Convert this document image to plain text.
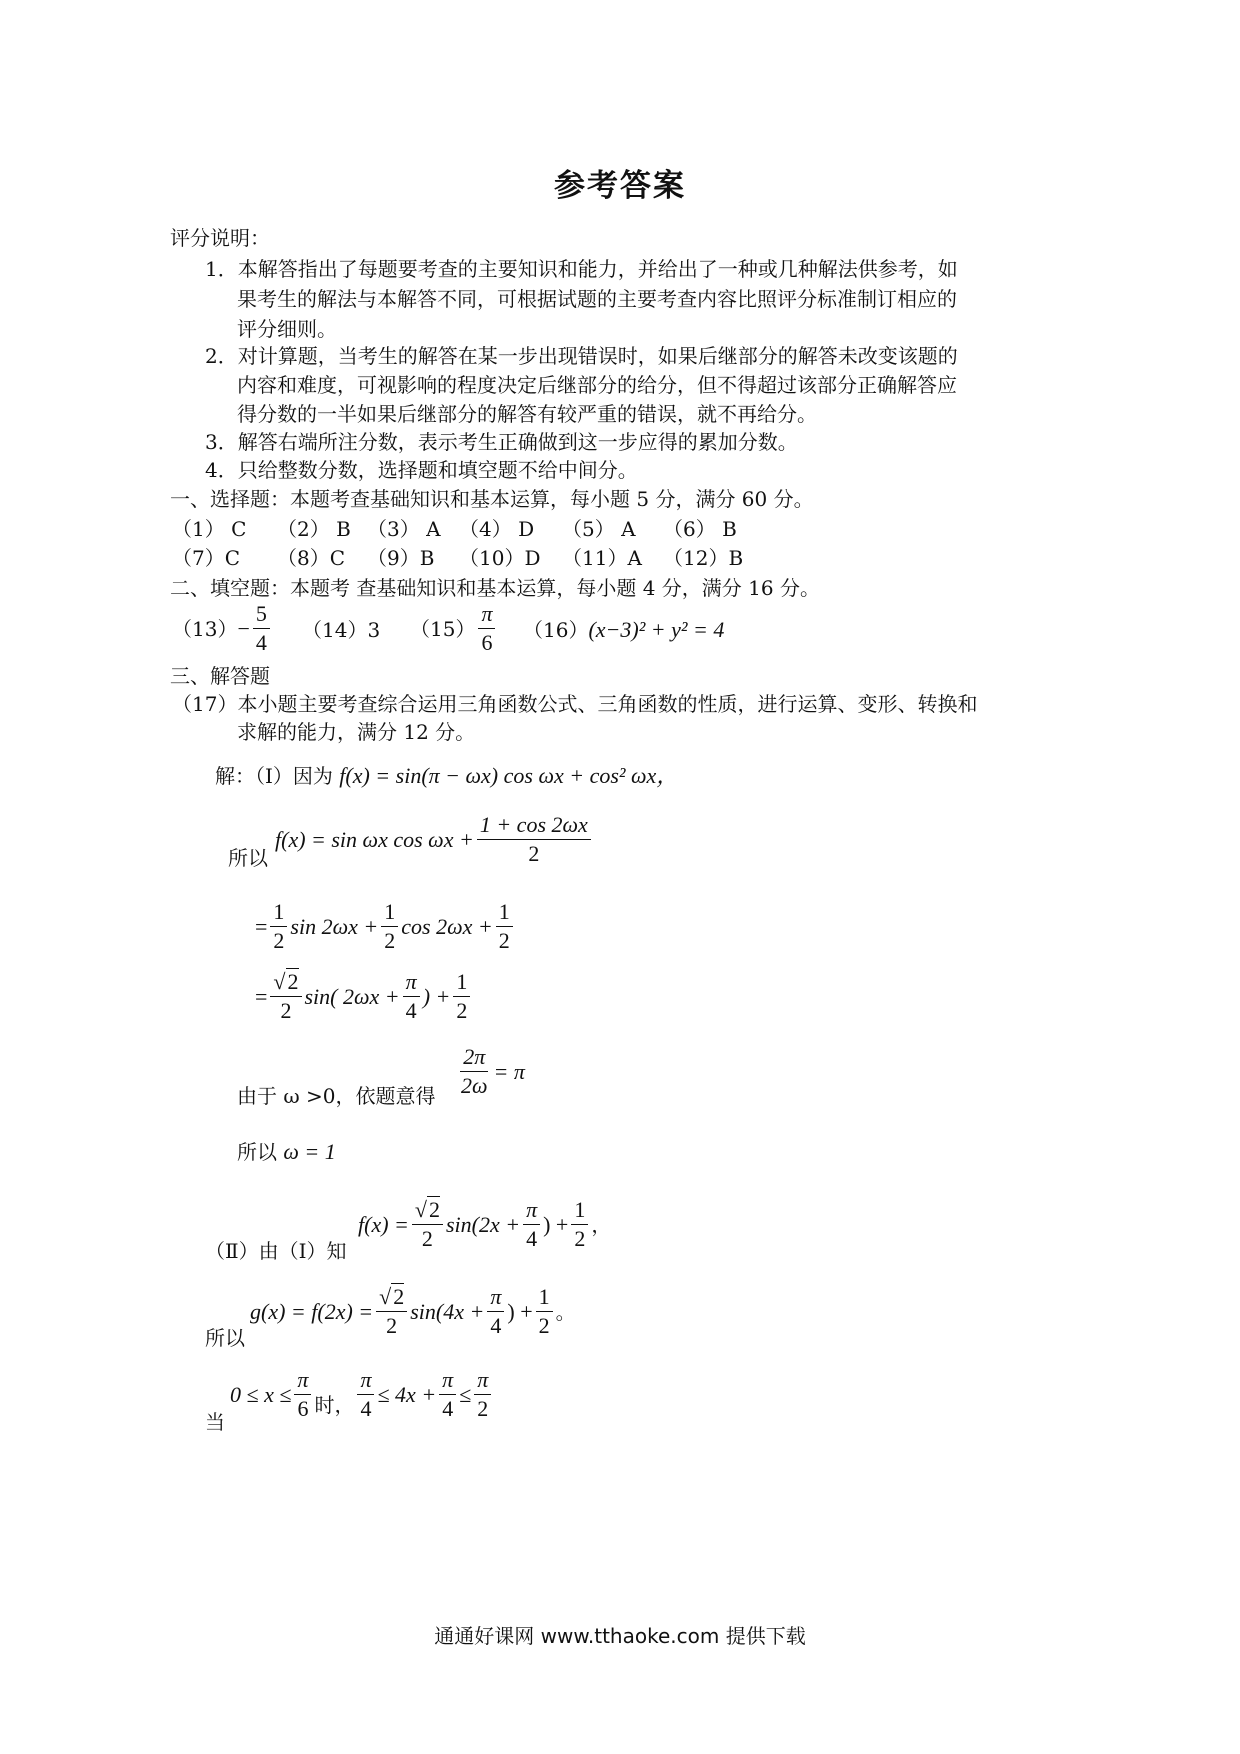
参考答案
评分说明：
1．本解答指出了每题要考查的主要知识和能力，并给出了一种或几种解法供参考，如
果考生的解法与本解答不同，可根据试题的主要考查内容比照评分标准制订相应的
评分细则。
2．对计算题，当考生的解答在某一步出现错误时，如果后继部分的解答未改变该题的
内容和难度，可视影响的程度决定后继部分的给分，但不得超过该部分正确解答应
得分数的一半如果后继部分的解答有较严重的错误，就不再给分。
3．解答右端所注分数，表示考生正确做到这一步应得的累加分数。
4．只给整数分数，选择题和填空题不给中间分。
一、选择题：本题考查基础知识和基本运算，每小题 5 分，满分 60 分。
（1） C （2） B （3） A （4） D （5） A （6） B
（7）C （8）C （9）B （10）D （11）A （12）B
二、填空题：本题考 查基础知识和基本运算，每小题 4 分，满分 16 分。
$(13) - \frac{5}{4} (14)3$ $(15) \frac{\pi}{6} (16)(x-3)^2 + y^2 = 4$
三、解答题
（17）本小题主要考查综合运用三角函数公式、三角函数的性质，进行运算、变形、转换和
求解的能力，满分 12 分。
解：（Ⅰ）因为 f(x) = sin(π − ωx) cos ωx + cos² ωx，
所以
f(x) = sin ωx $\cos \omega x + \frac{1 + \cos 2\omega x}{2}$
= $\frac{1}{2}$ $\sin 2\omega x + \frac{1}{2}$ $\cos 2\omega x + \frac{1}{2}$
= $\frac{√2}{2} \sin$( $2\omega x + \frac{\pi}{4}$ ) + $\frac{1}{2}$
由于 ω >0，依题意得 $\frac{2\pi}{2\omega} = \pi$
所以 ω = 1
（Ⅱ）由（Ⅰ）知
$f(x) = \frac{√2}{2} \sin(2x + \frac{\pi}{4}$ ) + $\frac{1}{2}$ ，
所以
$g(x) = f(2x) = \frac{√2}{2} \sin(4x + \frac{\pi}{4}$ ) + $\frac{1}{2}$ 。
当
$0 \le x \le \frac{\pi}{6}$ 时， $\frac{\pi}{4} \le 4x + \frac{\pi}{4} \le \frac{\pi}{2}$
通通好课网 www.tthaoke.com 提供下载
